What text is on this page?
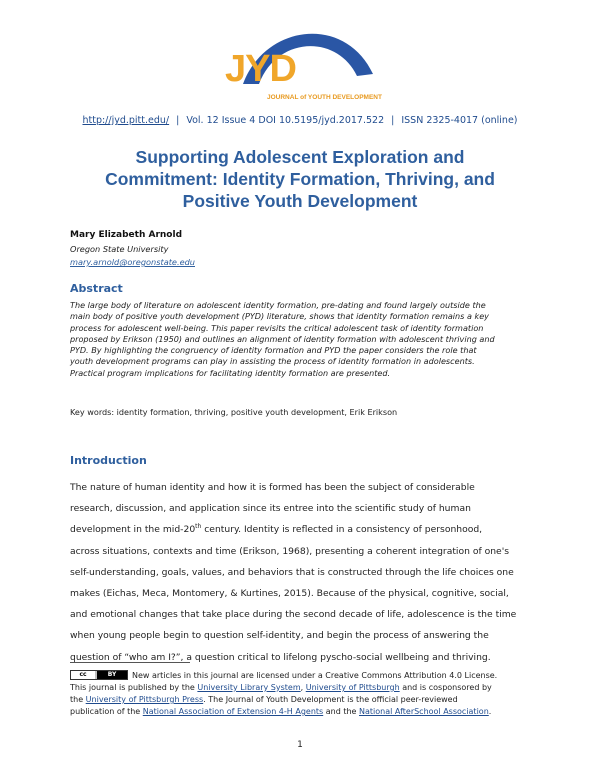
JYD
JOURNAL of YOUTH DEVELOPMENT
http://jyd.pitt.edu/ | Vol. 12 Issue 4 DOI 10.5195/jyd.2017.522 | ISSN 2325-4017 (online)
Supporting Adolescent Exploration and
Commitment: Identity Formation, Thriving, and
Positive Youth Development
Mary Elizabeth Arnold
Oregon State University
mary.arnold@oregonstate.edu
Abstract
The large body of literature on adolescent identity formation, pre-dating and found largely outside the
main body of positive youth development (PYD) literature, shows that identity formation remains a key
process for adolescent well-being. This paper revisits the critical adolescent task of identity formation
proposed by Erikson (1950) and outlines an alignment of identity formation with adolescent thriving and
PYD. By highlighting the congruency of identity formation and PYD the paper considers the role that
youth development programs can play in assisting the process of identity formation in adolescents.
Practical program implications for facilitating identity formation are presented.
Key words: identity formation, thriving, positive youth development, Erik Erikson
Introduction
The nature of human identity and how it is formed has been the subject of considerable
research, discussion, and application since its entree into the scientific study of human
development in the mid-20th century. Identity is reflected in a consistency of personhood,
across situations, contexts and time (Erikson, 1968), presenting a coherent integration of one's
self-understanding, goals, values, and behaviors that is constructed through the life choices one
makes (Eichas, Meca, Montomery, & Kurtines, 2015). Because of the physical, cognitive, social,
and emotional changes that take place during the second decade of life, adolescence is the time
when young people begin to question self-identity, and begin the process of answering the
question of “who am I?”, a question critical to lifelong pyscho-social wellbeing and thriving.
cc	BY	New articles in this journal are licensed under a Creative Commons Attribution 4.0 License.
This journal is published by the University Library System, University of Pittsburgh and is cosponsored by
the University of Pittsburgh Press. The Journal of Youth Development is the official peer-reviewed
publication of the National Association of Extension 4-H Agents and the National AfterSchool Association.
1
